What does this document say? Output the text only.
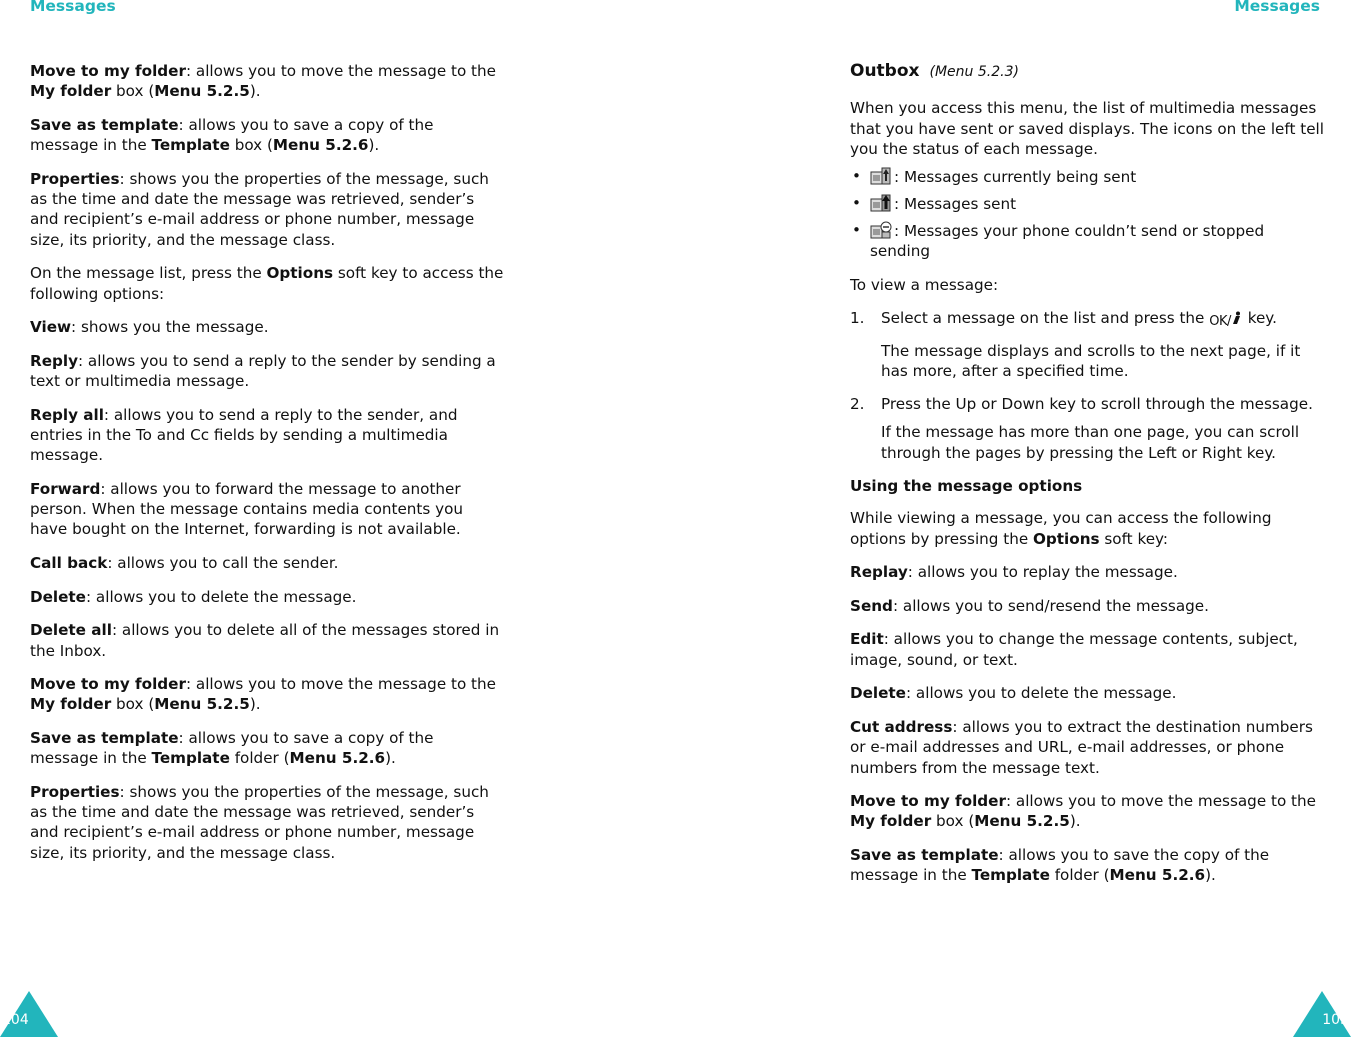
Messages	Messages

Move to my folder: allows you to move the message to the My folder box (Menu 5.2.5).

Save as template: allows you to save a copy of the message in the Template box (Menu 5.2.6).

Properties: shows you the properties of the message, such as the time and date the message was retrieved, sender’s and recipient’s e-mail address or phone number, message size, its priority, and the message class.

On the message list, press the Options soft key to access the following options:

View: shows you the message.

Reply: allows you to send a reply to the sender by sending a text or multimedia message.

Reply all: allows you to send a reply to the sender, and entries in the To and Cc fields by sending a multimedia message.

Forward: allows you to forward the message to another person. When the message contains media contents you have bought on the Internet, forwarding is not available.

Call back: allows you to call the sender.

Delete: allows you to delete the message.

Delete all: allows you to delete all of the messages stored in the Inbox.

Move to my folder: allows you to move the message to the My folder box (Menu 5.2.5).

Save as template: allows you to save a copy of the message in the Template folder (Menu 5.2.6).

Properties: shows you the properties of the message, such as the time and date the message was retrieved, sender’s and recipient’s e-mail address or phone number, message size, its priority, and the message class.

Outbox (Menu 5.2.3)

When you access this menu, the list of multimedia messages that you have sent or saved displays. The icons on the left tell you the status of each message.

• : Messages currently being sent
• : Messages sent
• : Messages your phone couldn’t send or stopped sending

To view a message:

1. Select a message on the list and press the OK/ key.

The message displays and scrolls to the next page, if it has more, after a specified time.

2. Press the Up or Down key to scroll through the message.

If the message has more than one page, you can scroll through the pages by pressing the Left or Right key.

Using the message options

While viewing a message, you can access the following options by pressing the Options soft key:

Replay: allows you to replay the message.

Send: allows you to send/resend the message.

Edit: allows you to change the message contents, subject, image, sound, or text.

Delete: allows you to delete the message.

Cut address: allows you to extract the destination numbers or e-mail addresses and URL, e-mail addresses, or phone numbers from the message text.

Move to my folder: allows you to move the message to the My folder box (Menu 5.2.5).

Save as template: allows you to save the copy of the message in the Template folder (Menu 5.2.6).

104	105
